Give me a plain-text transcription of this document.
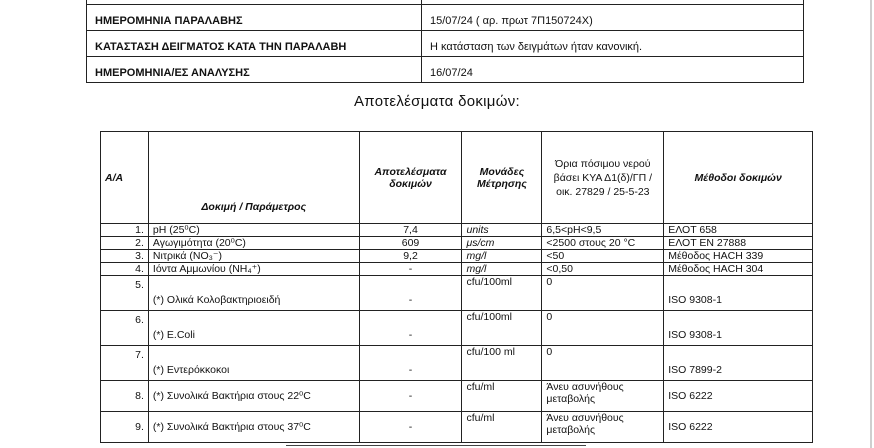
ΗΜΕΡΟΜΗΝΙΑ ΠΑΡΑΛΑΒΗΣ	15/07/24 ( αρ. πρωτ 7Π150724Χ)
ΚΑΤΑΣΤΑΣΗ ΔΕΙΓΜΑΤΟΣ ΚΑΤΑ ΤΗΝ ΠΑΡΑΛΑΒΗ	Η κατάσταση των δειγμάτων ήταν κανονική.
ΗΜΕΡΟΜΗΝΙΑ/ΕΣ ΑΝΑΛΥΣΗΣ	16/07/24
Αποτελέσματα δοκιμών:
Α/Α	Δοκιμή / Παράμετρος	Αποτελέσματα δοκιμών	Μονάδες Μέτρησης	Όρια πόσιμου νερού βάσει ΚΥΑ Δ1(δ)/ΓΠ / οικ. 27829 / 25-5-23	Μέθοδοι δοκιμών
1.	pH (25⁰C)	7,4	units	6,5<pH<9,5	ΕΛΟΤ 658
2.	Αγωγιμότητα (20⁰C)	609	μs/cm	<2500 στους 20 °C	ΕΛΟΤ ΕΝ 27888
3.	Νιτρικά (NO₃⁻)	9,2	mg/l	<50	Μέθοδος HACH 339
4.	Ιόντα Αμμωνίου (NH₄⁺)	-	mg/l	<0,50	Μέθοδος HACH 304
5.	(*) Ολικά Κολοβακτηριοειδή	-	cfu/100ml	0	ISO 9308-1
6.	(*) E.Coli	-	cfu/100ml	0	ISO 9308-1
7.	(*) Εντερόκκοκοι	-	cfu/100 ml	0	ISO 7899-2
8.	(*) Συνολικά Βακτήρια στους 22⁰C	-	cfu/ml	Άνευ ασυνήθους μεταβολής	ISO 6222
9.	(*) Συνολικά Βακτήρια στους 37⁰C	-	cfu/ml	Άνευ ασυνήθους μεταβολής	ISO 6222
